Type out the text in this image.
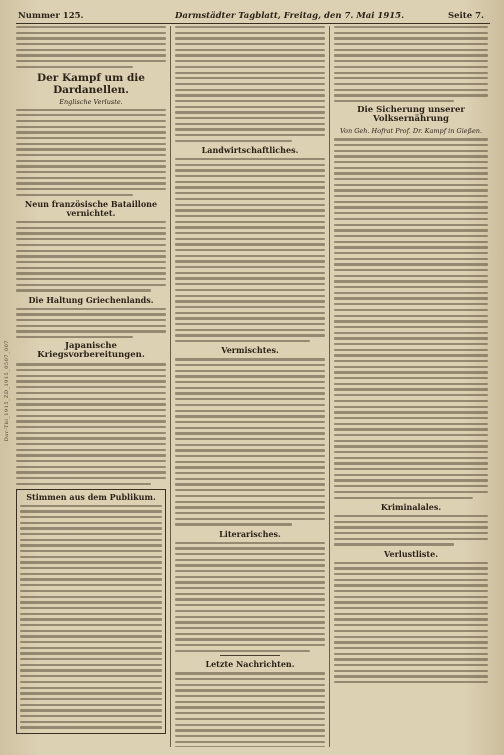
Nummer 125.	Darmstädter Tagblatt, Freitag, den 7. Mai 1915.	Seite 7.
Dar-Tbl_1915_ZD_1915_0507_007
Der Kampf um die Dardanellen.
Englische Verluste.
Neun französische Bataillone vernichtet.
Die Haltung Griechenlands.
Japanische Kriegsvorbereitungen.
Stimmen aus dem Publikum.
Landwirtschaftliches.
Vermischtes.
Literarisches.
Letzte Nachrichten.
Die Sicherung unserer Volksernährung
Von Geh. Hofrat Prof. Dr. Kampf in Gießen.
Kriminalales.
Verlustliste.
